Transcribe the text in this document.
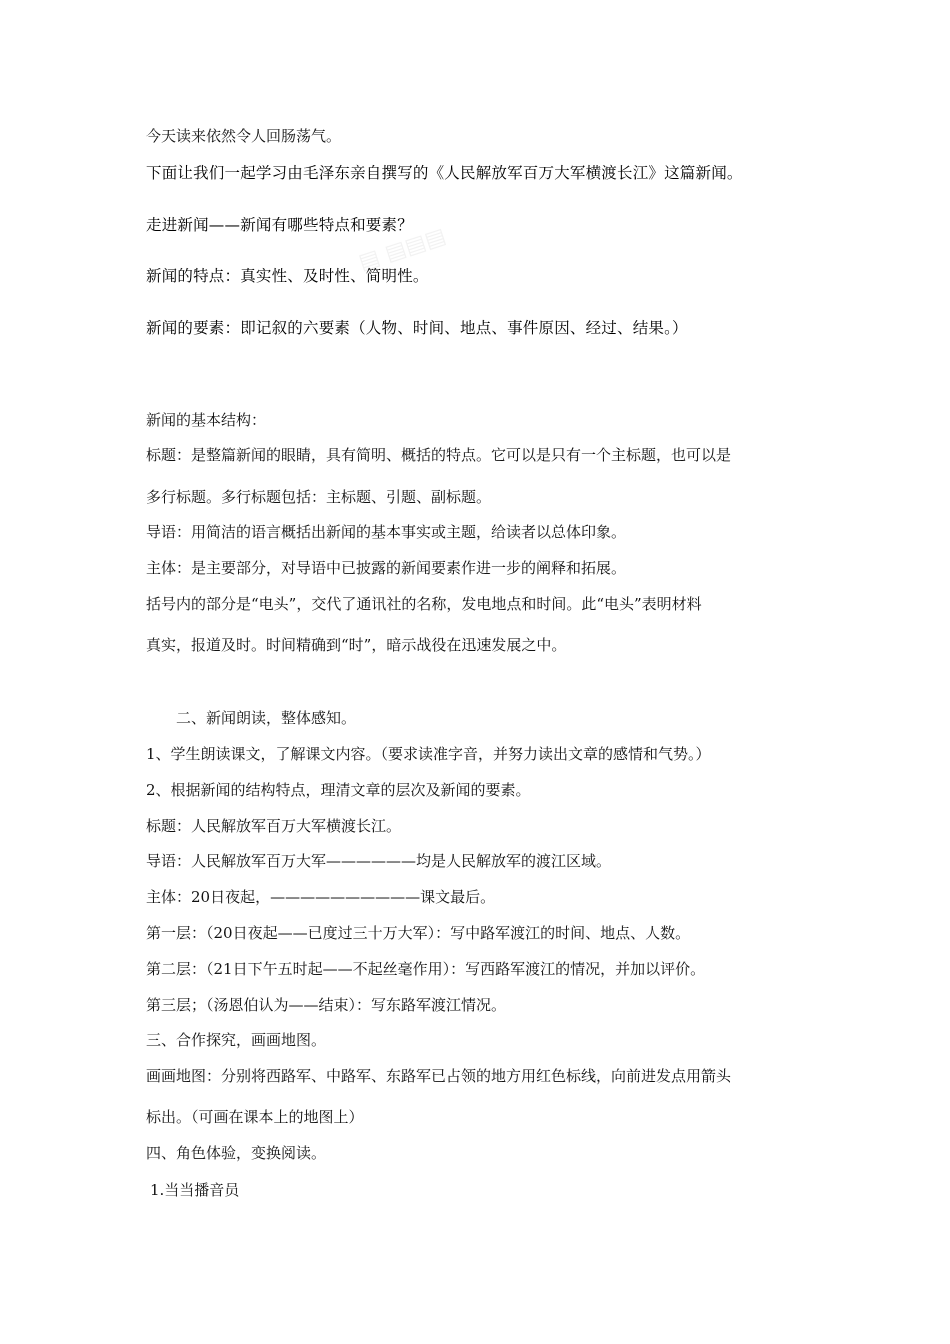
▤ ▤▤▤
今天读来依然令人回肠荡气。
下面让我们一起学习由毛泽东亲自撰写的《人民解放军百万大军横渡长江》这篇新闻。
走进新闻——新闻有哪些特点和要素？
新闻的特点：真实性、及时性、简明性。
新闻的要素：即记叙的六要素（人物、时间、地点、事件原因、经过、结果。）
新闻的基本结构：
标题：是整篇新闻的眼睛，具有简明、概括的特点。它可以是只有一个主标题，也可以是
多行标题。多行标题包括：主标题、引题、副标题。
导语：用简洁的语言概括出新闻的基本事实或主题，给读者以总体印象。
主体：是主要部分，对导语中已披露的新闻要素作进一步的阐释和拓展。
括号内的部分是“电头”，交代了通讯社的名称，发电地点和时间。此“电头”表明材料
真实，报道及时。时间精确到“时”，暗示战役在迅速发展之中。
二、新闻朗读，整体感知。
1、学生朗读课文，了解课文内容。（要求读准字音，并努力读出文章的感情和气势。）
2、根据新闻的结构特点，理清文章的层次及新闻的要素。
标题：人民解放军百万大军横渡长江。
导语：人民解放军百万大军——————均是人民解放军的渡江区域。
主体：20日夜起，——————————课文最后。
第一层：（20日夜起——已度过三十万大军）：写中路军渡江的时间、地点、人数。
第二层：（21日下午五时起——不起丝毫作用）：写西路军渡江的情况，并加以评价。
第三层；（汤恩伯认为——结束）：写东路军渡江情况。
三、合作探究，画画地图。
画画地图：分别将西路军、中路军、东路军已占领的地方用红色标线，向前进发点用箭头
标出。（可画在课本上的地图上）
四、角色体验，变换阅读。
1.当当播音员
